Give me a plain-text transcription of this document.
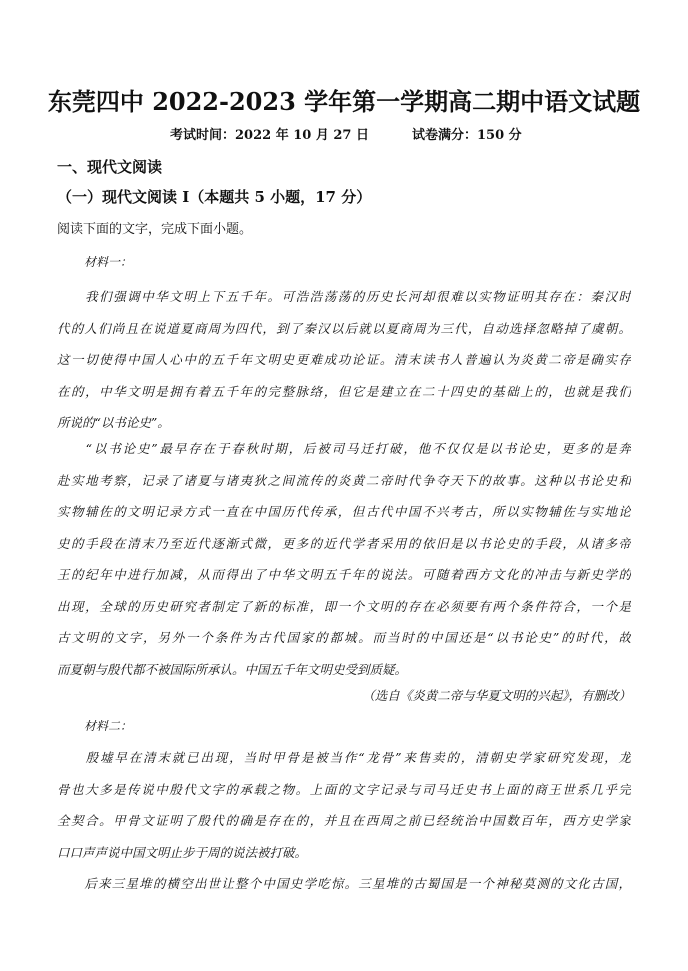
东莞四中 2022-2023 学年第一学期高二期中语文试题
考试时间：2022 年 10 月 27 日	试卷满分：150 分
一、现代文阅读
（一）现代文阅读 I（本题共 5 小题，17 分）
阅读下面的文字，完成下面小题。
材料一：
　　我们强调中华文明上下五千年。可浩浩荡荡的历史长河却很难以实物证明其存在：秦汉时
代的人们尚且在说道夏商周为四代，到了秦汉以后就以夏商周为三代，自动选择忽略掉了虞朝。
这一切使得中国人心中的五千年文明史更难成功论证。清末读书人普遍认为炎黄二帝是确实存
在的，中华文明是拥有着五千年的完整脉络，但它是建立在二十四史的基础上的，也就是我们
所说的“以书论史”。
　　“以书论史”最早存在于春秋时期，后被司马迁打破，他不仅仅是以书论史，更多的是奔
赴实地考察，记录了诸夏与诸夷狄之间流传的炎黄二帝时代争夺天下的故事。这种以书论史和
实物辅佐的文明记录方式一直在中国历代传承，但古代中国不兴考古，所以实物辅佐与实地论
史的手段在清末乃至近代逐渐式微，更多的近代学者采用的依旧是以书论史的手段，从诸多帝
王的纪年中进行加减，从而得出了中华文明五千年的说法。可随着西方文化的冲击与新史学的
出现，全球的历史研究者制定了新的标准，即一个文明的存在必须要有两个条件符合，一个是
古文明的文字，另外一个条件为古代国家的都城。而当时的中国还是“以书论史”的时代，故
而夏朝与殷代都不被国际所承认。中国五千年文明史受到质疑。
（选自《炎黄二帝与华夏文明的兴起》，有删改）
材料二：
　　殷墟早在清末就已出现，当时甲骨是被当作“龙骨”来售卖的，清朝史学家研究发现，龙
骨也大多是传说中殷代文字的承载之物。上面的文字记录与司马迁史书上面的商王世系几乎完
全契合。甲骨文证明了殷代的确是存在的，并且在西周之前已经统治中国数百年，西方史学家
口口声声说中国文明止步于周的说法被打破。
　　后来三星堆的横空出世让整个中国史学吃惊。三星堆的古蜀国是一个神秘莫测的文化古国，
